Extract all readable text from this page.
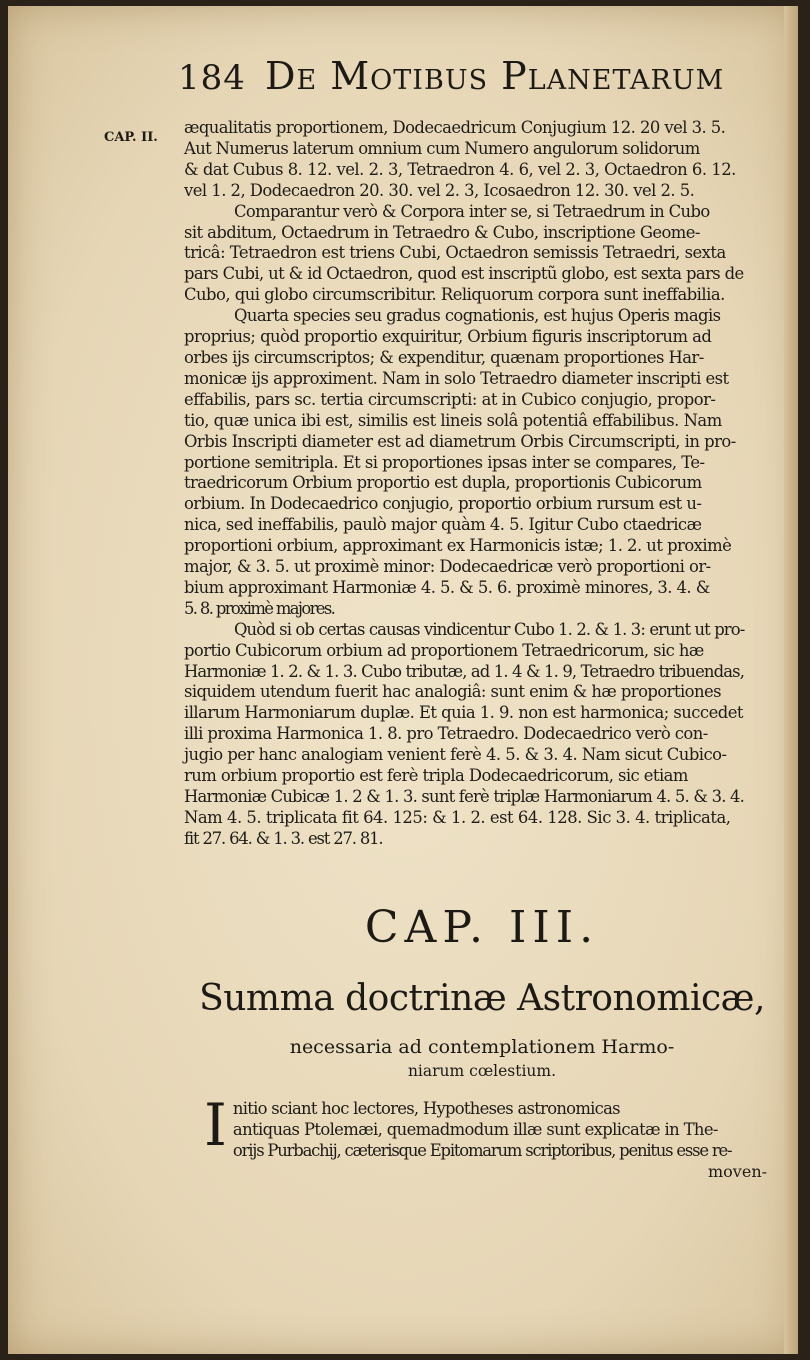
184 De Motibus Planetarum
CAP. II.

æqualitatis proportionem, Dodecaedricum Conjugium 12. 20 vel 3. 5.
Aut Numerus laterum omnium cum Numero angulorum solidorum
& dat Cubus 8. 12. vel. 2. 3, Tetraedron 4. 6, vel 2. 3, Octaedron 6. 12.
vel 1. 2, Dodecaedron 20. 30. vel 2. 3, Icosaedron 12. 30. vel 2. 5.

Comparantur verò & Corpora inter se, si Tetraedrum in Cubo
sit abditum, Octaedrum in Tetraedro & Cubo, inscriptione Geome-
tricâ: Tetraedron est triens Cubi, Octaedron semissis Tetraedri, sexta
pars Cubi, ut & id Octaedron, quod est inscriptũ globo, est sexta pars de
Cubo, qui globo circumscribitur. Reliquorum corpora sunt ineffabilia.

Quarta species seu gradus cognationis, est hujus Operis magis
proprius; quòd proportio exquiritur, Orbium figuris inscriptorum ad
orbes ijs circumscriptos; & expenditur, quænam proportiones Har-
monicæ ijs approximent. Nam in solo Tetraedro diameter inscripti est
effabilis, pars sc. tertia circumscripti: at in Cubico conjugio, propor-
tio, quæ unica ibi est, similis est lineis solâ potentiâ effabilibus. Nam
Orbis Inscripti diameter est ad diametrum Orbis Circumscripti, in pro-
portione semitripla. Et si proportiones ipsas inter se compares, Te-
traedricorum Orbium proportio est dupla, proportionis Cubicorum
orbium. In Dodecaedrico conjugio, proportio orbium rursum est u-
nica, sed ineffabilis, paulò major quàm 4. 5. Igitur Cubo ctaedricæ
proportioni orbium, approximant ex Harmonicis istæ; 1. 2. ut proximè
major, & 3. 5. ut proximè minor: Dodecaedricæ verò proportioni or-
bium approximant Harmoniæ 4. 5. & 5. 6. proximè minores, 3. 4. &
5. 8. proximè majores.

Quòd si ob certas causas vindicentur Cubo 1. 2. & 1. 3: erunt ut pro-
portio Cubicorum orbium ad proportionem Tetraedricorum, sic hæ
Harmoniæ 1. 2. & 1. 3. Cubo tributæ, ad 1. 4 & 1. 9, Tetraedro tribuendas,
siquidem utendum fuerit hac analogiâ: sunt enim & hæ proportiones
illarum Harmoniarum duplæ. Et quia 1. 9. non est harmonica; succedet
illi proxima Harmonica 1. 8. pro Tetraedro. Dodecaedrico verò con-
jugio per hanc analogiam venient ferè 4. 5. & 3. 4. Nam sicut Cubico-
rum orbium proportio est ferè tripla Dodecaedricorum, sic etiam
Harmoniæ Cubicæ 1. 2 & 1. 3. sunt ferè triplæ Harmoniarum 4. 5. & 3. 4.
Nam 4. 5. triplicata fit 64. 125: & 1. 2. est 64. 128. Sic 3. 4. triplicata,
fit 27. 64. & 1. 3. est 27. 81.

CAP. III.
Summa doctrinæ Astronomicæ,
necessaria ad contemplationem Harmo-
niarum cœlestium.
I nitio sciant hoc lectores, Hypotheses astronomicas
antiquas Ptolemæi, quemadmodum illæ sunt explicatæ in The-
orijs Purbachij, cæterisque Epitomarum scriptoribus, penitus esse re-
moven-
